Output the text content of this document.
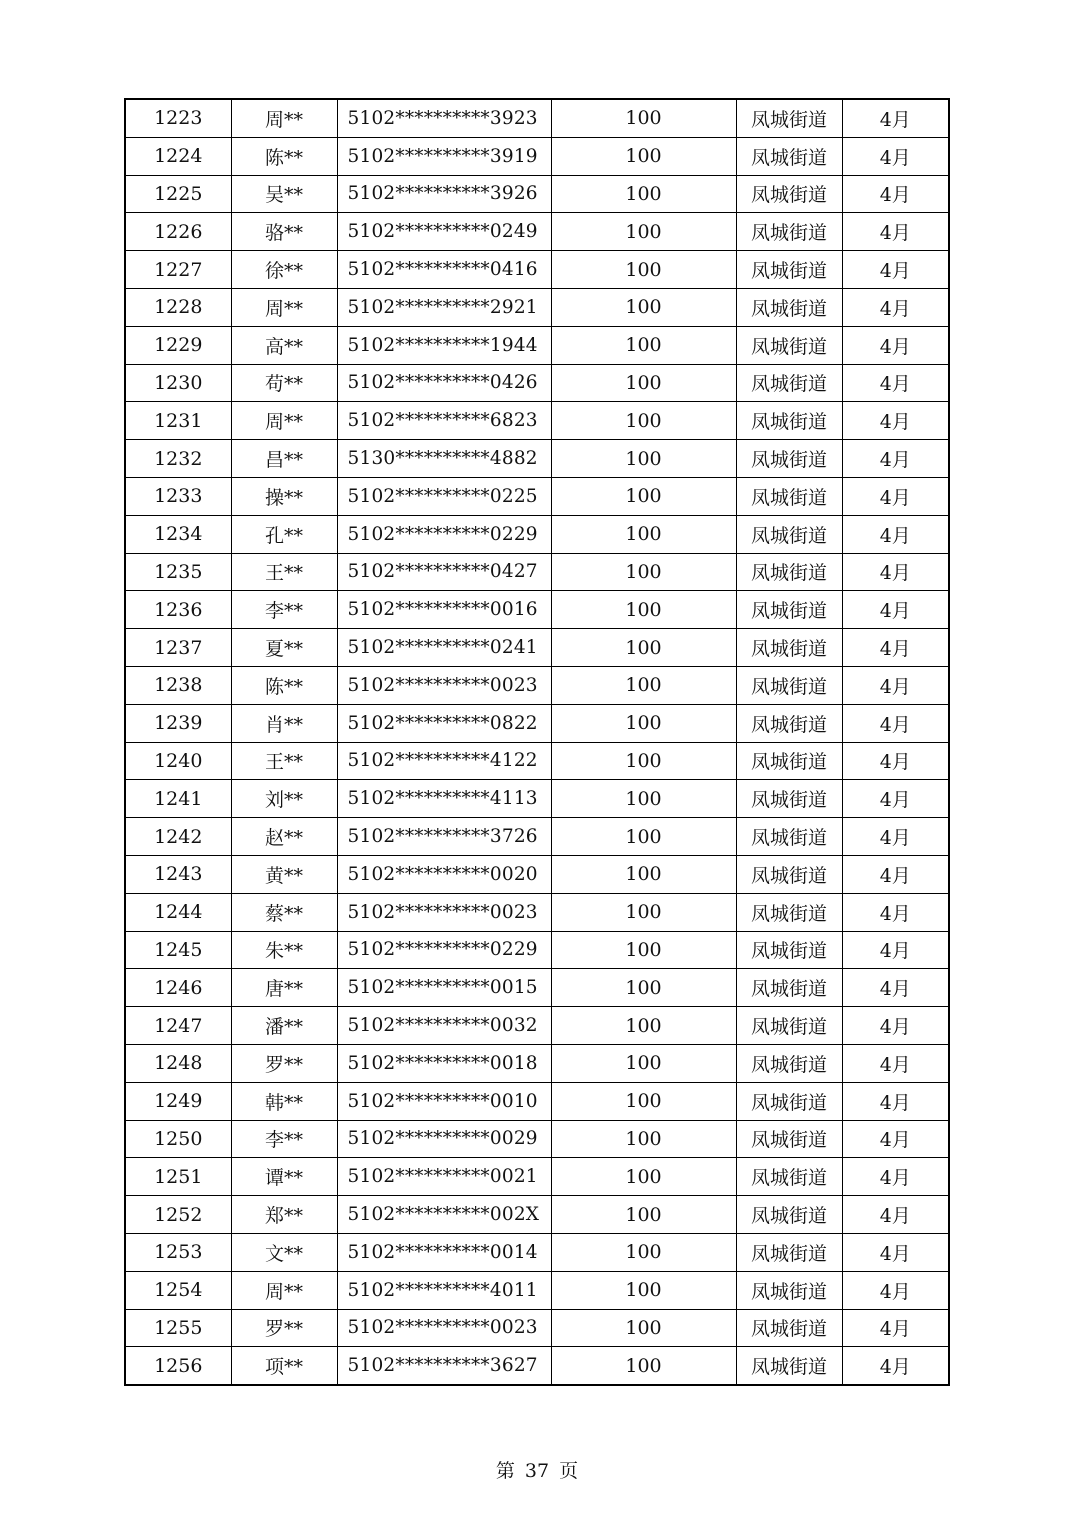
1223	周**	5102**********3923	100	凤城街道	4月
1224	陈**	5102**********3919	100	凤城街道	4月
1225	吴**	5102**********3926	100	凤城街道	4月
1226	骆**	5102**********0249	100	凤城街道	4月
1227	徐**	5102**********0416	100	凤城街道	4月
1228	周**	5102**********2921	100	凤城街道	4月
1229	高**	5102**********1944	100	凤城街道	4月
1230	苟**	5102**********0426	100	凤城街道	4月
1231	周**	5102**********6823	100	凤城街道	4月
1232	昌**	5130**********4882	100	凤城街道	4月
1233	操**	5102**********0225	100	凤城街道	4月
1234	孔**	5102**********0229	100	凤城街道	4月
1235	王**	5102**********0427	100	凤城街道	4月
1236	李**	5102**********0016	100	凤城街道	4月
1237	夏**	5102**********0241	100	凤城街道	4月
1238	陈**	5102**********0023	100	凤城街道	4月
1239	肖**	5102**********0822	100	凤城街道	4月
1240	王**	5102**********4122	100	凤城街道	4月
1241	刘**	5102**********4113	100	凤城街道	4月
1242	赵**	5102**********3726	100	凤城街道	4月
1243	黄**	5102**********0020	100	凤城街道	4月
1244	蔡**	5102**********0023	100	凤城街道	4月
1245	朱**	5102**********0229	100	凤城街道	4月
1246	唐**	5102**********0015	100	凤城街道	4月
1247	潘**	5102**********0032	100	凤城街道	4月
1248	罗**	5102**********0018	100	凤城街道	4月
1249	韩**	5102**********0010	100	凤城街道	4月
1250	李**	5102**********0029	100	凤城街道	4月
1251	谭**	5102**********0021	100	凤城街道	4月
1252	郑**	5102**********002X	100	凤城街道	4月
1253	文**	5102**********0014	100	凤城街道	4月
1254	周**	5102**********4011	100	凤城街道	4月
1255	罗**	5102**********0023	100	凤城街道	4月
1256	项**	5102**********3627	100	凤城街道	4月
第 37 页
